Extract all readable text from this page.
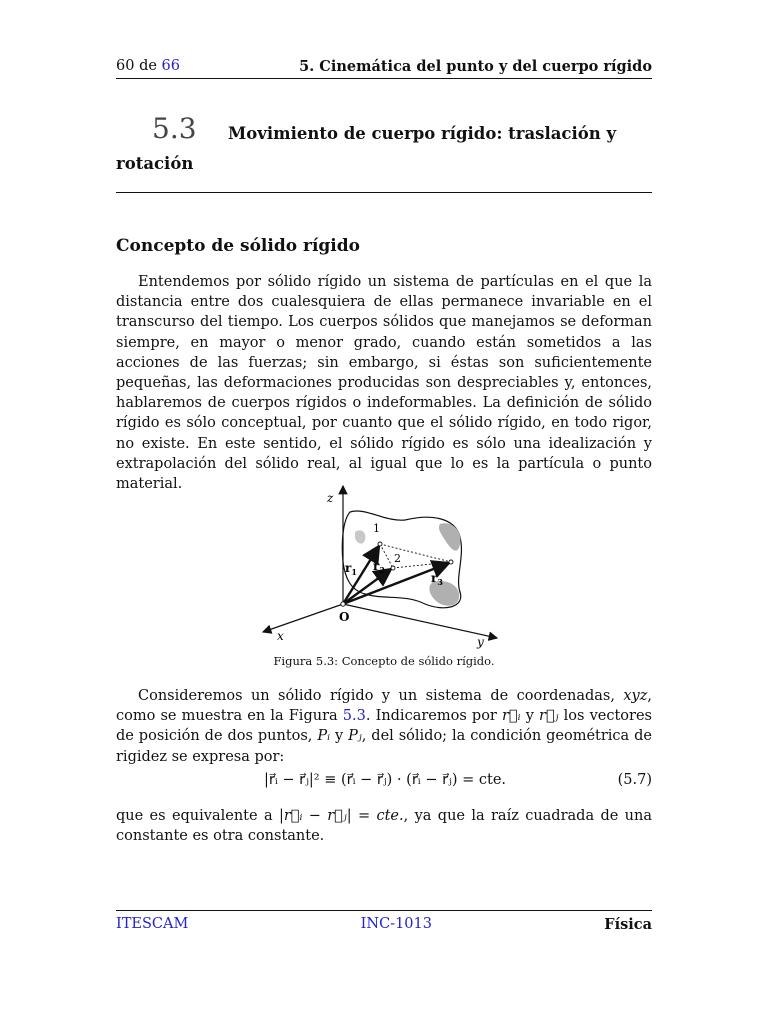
60 de 66	5. Cinemática del punto y del cuerpo rígido
5.3 Movimiento de cuerpo rígido: traslación y
rotación
Concepto de sólido rígido

Entendemos por sólido rígido un sistema de partículas en el que la distancia entre dos cualesquiera de ellas permanece invariable en el transcurso del tiempo. Los cuerpos sólidos que manejamos se deforman siempre, en mayor o menor grado, cuando están sometidos a las acciones de las fuerzas; sin embargo, si éstas son suficientemente pequeñas, las deformaciones producidas son despreciables y, entonces, hablaremos de cuerpos rígidos o indeformables. La definición de sólido rígido es sólo conceptual, por cuanto que el sólido rígido, en todo rigor, no existe. En este sentido, el sólido rígido es sólo una idealización y extrapolación del sólido real, al igual que lo es la partícula o punto material.

z
x	y
O
1
2
$r_1$ $r_2$
$r_3$
Figura 5.3: Concepto de sólido rígido.

Consideremos un sólido rígido y un sistema de coordenadas, xyz, como se muestra en la Figura 5.3. Indicaremos por r⃗ᵢ y r⃗ⱼ los vectores de posición de dos puntos, Pᵢ y Pⱼ, del sólido; la condición geométrica de rigidez se expresa por:

|r⃗ᵢ − r⃗ⱼ|² ≡ (r⃗ᵢ − r⃗ⱼ) · (r⃗ᵢ − r⃗ⱼ) = cte.	(5.7)

que es equivalente a |r⃗ᵢ − r⃗ⱼ| = cte., ya que la raíz cuadrada de una constante es otra constante.

ITESCAM	INC-1013	Física
